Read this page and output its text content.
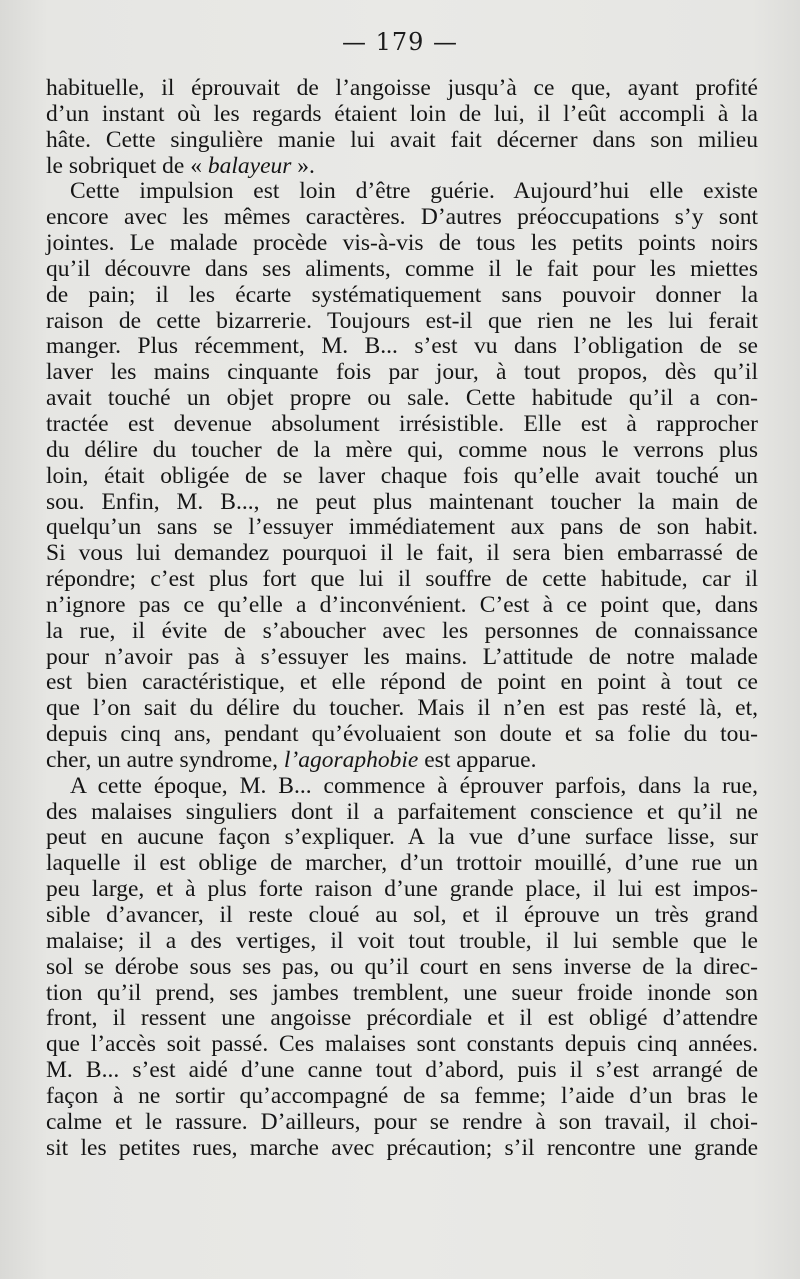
— 179 —

habituelle, il éprouvait de l’angoisse jusqu’à ce que, ayant profité

d’un instant où les regards étaient loin de lui, il l’eût accompli à la

hâte. Cette singulière manie lui avait fait décerner dans son milieu

le sobriquet de « balayeur ».

Cette impulsion est loin d’être guérie. Aujourd’hui elle existe

encore avec les mêmes caractères. D’autres préoccupations s’y sont

jointes. Le malade procède vis-à-vis de tous les petits points noirs

qu’il découvre dans ses aliments, comme il le fait pour les miettes

de pain; il les écarte systématiquement sans pouvoir donner la

raison de cette bizarrerie. Toujours est-il que rien ne les lui ferait

manger. Plus récemment, M. B... s’est vu dans l’obligation de se

laver les mains cinquante fois par jour, à tout propos, dès qu’il

avait touché un objet propre ou sale. Cette habitude qu’il a con-

tractée est devenue absolument irrésistible. Elle est à rapprocher

du délire du toucher de la mère qui, comme nous le verrons plus

loin, était obligée de se laver chaque fois qu’elle avait touché un

sou. Enfin, M. B..., ne peut plus maintenant toucher la main de

quelqu’un sans se l’essuyer immédiatement aux pans de son habit.

Si vous lui demandez pourquoi il le fait, il sera bien embarrassé de

répondre; c’est plus fort que lui il souffre de cette habitude, car il

n’ignore pas ce qu’elle a d’inconvénient. C’est à ce point que, dans

la rue, il évite de s’aboucher avec les personnes de connaissance

pour n’avoir pas à s’essuyer les mains. L’attitude de notre malade

est bien caractéristique, et elle répond de point en point à tout ce

que l’on sait du délire du toucher. Mais il n’en est pas resté là, et,

depuis cinq ans, pendant qu’évoluaient son doute et sa folie du tou-

cher, un autre syndrome, l’agoraphobie est apparue.

A cette époque, M. B... commence à éprouver parfois, dans la rue,

des malaises singuliers dont il a parfaitement conscience et qu’il ne

peut en aucune façon s’expliquer. A la vue d’une surface lisse, sur

laquelle il est oblige de marcher, d’un trottoir mouillé, d’une rue un

peu large, et à plus forte raison d’une grande place, il lui est impos-

sible d’avancer, il reste cloué au sol, et il éprouve un très grand

malaise; il a des vertiges, il voit tout trouble, il lui semble que le

sol se dérobe sous ses pas, ou qu’il court en sens inverse de la direc-

tion qu’il prend, ses jambes tremblent, une sueur froide inonde son

front, il ressent une angoisse précordiale et il est obligé d’attendre

que l’accès soit passé. Ces malaises sont constants depuis cinq années.

M. B... s’est aidé d’une canne tout d’abord, puis il s’est arrangé de

façon à ne sortir qu’accompagné de sa femme; l’aide d’un bras le

calme et le rassure. D’ailleurs, pour se rendre à son travail, il choi-

sit les petites rues, marche avec précaution; s’il rencontre une grande
